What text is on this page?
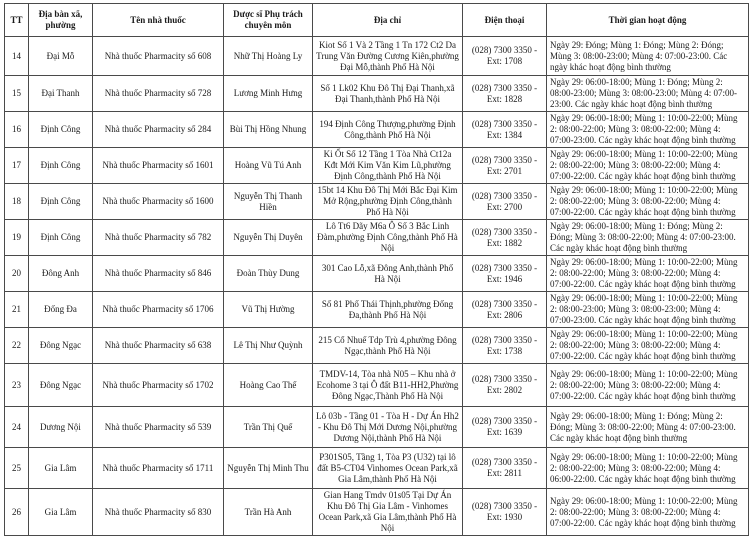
TT	Địa bàn xã, phường	Tên nhà thuốc	Dược sĩ Phụ trách chuyên môn	Địa chỉ	Điện thoại	Thời gian hoạt động
14	Đại Mỗ	Nhà thuốc Pharmacity số 608	Nhữ Thị Hoàng Ly	Kiot Số 1 Và 2 Tầng 1 Tn 172 Ct2 Da Trung Văn Đường Cương Kiên,phường Đại Mỗ,thành Phố Hà Nội	(028) 7300 3350 - Ext: 1708	Ngày 29: Đóng; Mùng 1: Đóng; Mùng 2: Đóng; Mùng 3: 08:00-23:00; Mùng 4: 07:00-23:00. Các ngày khác hoạt động bình thường
15	Đại Thanh	Nhà thuốc Pharmacity số 728	Lương Minh Hưng	Số 1 Lk02 Khu Đô Thị Đại Thanh,xã Đại Thanh,thành Phố Hà Nội	(028) 7300 3350 - Ext: 1828	Ngày 29: 06:00-18:00; Mùng 1: Đóng; Mùng 2: 08:00-23:00; Mùng 3: 08:00-23:00; Mùng 4: 07:00-23:00. Các ngày khác hoạt động bình thường
16	Định Công	Nhà thuốc Pharmacity số 284	Bùi Thị Hồng Nhung	194 Định Công Thượng,phường Định Công,thành Phố Hà Nội	(028) 7300 3350 - Ext: 1384	Ngày 29: 06:00-18:00; Mùng 1: 10:00-22:00; Mùng 2: 08:00-22:00; Mùng 3: 08:00-22:00; Mùng 4: 07:00-23:00. Các ngày khác hoạt động bình thường
17	Định Công	Nhà thuốc Pharmacity số 1601	Hoàng Vũ Tú Anh	Ki Ốt Số 12 Tầng 1 Tòa Nhà Ct12a Kđt Mới Kim Văn Kim Lũ,phường Định Công,thành Phố Hà Nội	(028) 7300 3350 - Ext: 2701	Ngày 29: 06:00-18:00; Mùng 1: 10:00-22:00; Mùng 2: 08:00-22:00; Mùng 3: 08:00-22:00; Mùng 4: 07:00-22:00. Các ngày khác hoạt động bình thường
18	Định Công	Nhà thuốc Pharmacity số 1600	Nguyễn Thị Thanh Hiền	15bt 14 Khu Đô Thị Mới Bắc Đại Kim Mở Rộng,phường Định Công,thành Phố Hà Nội	(028) 7300 3350 - Ext: 2700	Ngày 29: 06:00-18:00; Mùng 1: 10:00-22:00; Mùng 2: 08:00-22:00; Mùng 3: 08:00-22:00; Mùng 4: 07:00-22:00. Các ngày khác hoạt động bình thường
19	Định Công	Nhà thuốc Pharmacity số 782	Nguyễn Thị Duyên	Lô Tt6 Dãy M6a Ô Số 3 Bắc Linh Đàm,phường Định Công,thành Phố Hà Nội	(028) 7300 3350 - Ext: 1882	Ngày 29: 06:00-18:00; Mùng 1: Đóng; Mùng 2: Đóng; Mùng 3: 08:00-22:00; Mùng 4: 07:00-23:00. Các ngày khác hoạt động bình thường
20	Đông Anh	Nhà thuốc Pharmacity số 846	Đoàn Thùy Dung	301 Cao Lỗ,xã Đông Anh,thành Phố Hà Nội	(028) 7300 3350 - Ext: 1946	Ngày 29: 06:00-18:00; Mùng 1: 10:00-22:00; Mùng 2: 08:00-22:00; Mùng 3: 08:00-22:00; Mùng 4: 07:00-22:00. Các ngày khác hoạt động bình thường
21	Đống Đa	Nhà thuốc Pharmacity số 1706	Vũ Thị Hường	Số 81 Phố Thái Thịnh,phường Đống Đa,thành Phố Hà Nội	(028) 7300 3350 - Ext: 2806	Ngày 29: 06:00-18:00; Mùng 1: 10:00-22:00; Mùng 2: 08:00-23:00; Mùng 3: 08:00-23:00; Mùng 4: 07:00-23:00. Các ngày khác hoạt động bình thường
22	Đông Ngạc	Nhà thuốc Pharmacity số 638	Lê Thị Như Quỳnh	215 Cổ Nhuế Tdp Trù 4,phường Đông Ngạc,thành Phố Hà Nội	(028) 7300 3350 - Ext: 1738	Ngày 29: 06:00-18:00; Mùng 1: 10:00-22:00; Mùng 2: 08:00-22:00; Mùng 3: 08:00-22:00; Mùng 4: 07:00-22:00. Các ngày khác hoạt động bình thường
23	Đông Ngạc	Nhà thuốc Pharmacity số 1702	Hoàng Cao Thế	TMDV-14, Tòa nhà N05 – Khu nhà ở Ecohome 3 tại Ô đất B11-HH2,Phường Đông Ngạc,Thành Phố Hà Nội	(028) 7300 3350 - Ext: 2802	Ngày 29: 06:00-18:00; Mùng 1: 10:00-22:00; Mùng 2: 08:00-22:00; Mùng 3: 08:00-22:00; Mùng 4: 07:00-22:00. Các ngày khác hoạt động bình thường
24	Dương Nội	Nhà thuốc Pharmacity số 539	Trần Thị Quế	Lô 03b - Tầng 01 - Tòa H - Dự Án Hh2 - Khu Đô Thị Mới Dương Nội,phường Dương Nội,thành Phố Hà Nội	(028) 7300 3350 - Ext: 1639	Ngày 29: 06:00-18:00; Mùng 1: Đóng; Mùng 2: Đóng; Mùng 3: 08:00-22:00; Mùng 4: 07:00-23:00. Các ngày khác hoạt động bình thường
25	Gia Lâm	Nhà thuốc Pharmacity số 1711	Nguyễn Thị Minh Thu	P301S05, Tầng 1, Tòa P3 (U32) tại lô đất B5-CT04 Vinhomes Ocean Park,xã Gia Lâm,thành Phố Hà Nội	(028) 7300 3350 - Ext: 2811	Ngày 29: 06:00-18:00; Mùng 1: 10:00-22:00; Mùng 2: 08:00-22:00; Mùng 3: 08:00-22:00; Mùng 4: 06:00-22:00. Các ngày khác hoạt động bình thường
26	Gia Lâm	Nhà thuốc Pharmacity số 830	Trần Hà Anh	Gian Hang Tmdv 01s05 Tại Dự Án Khu Đô Thị Gia Lâm - Vinhomes Ocean Park,xã Gia Lâm,thành Phố Hà Nội	(028) 7300 3350 - Ext: 1930	Ngày 29: 06:00-18:00; Mùng 1: 10:00-22:00; Mùng 2: 08:00-22:00; Mùng 3: 08:00-22:00; Mùng 4: 07:00-22:00. Các ngày khác hoạt động bình thường
